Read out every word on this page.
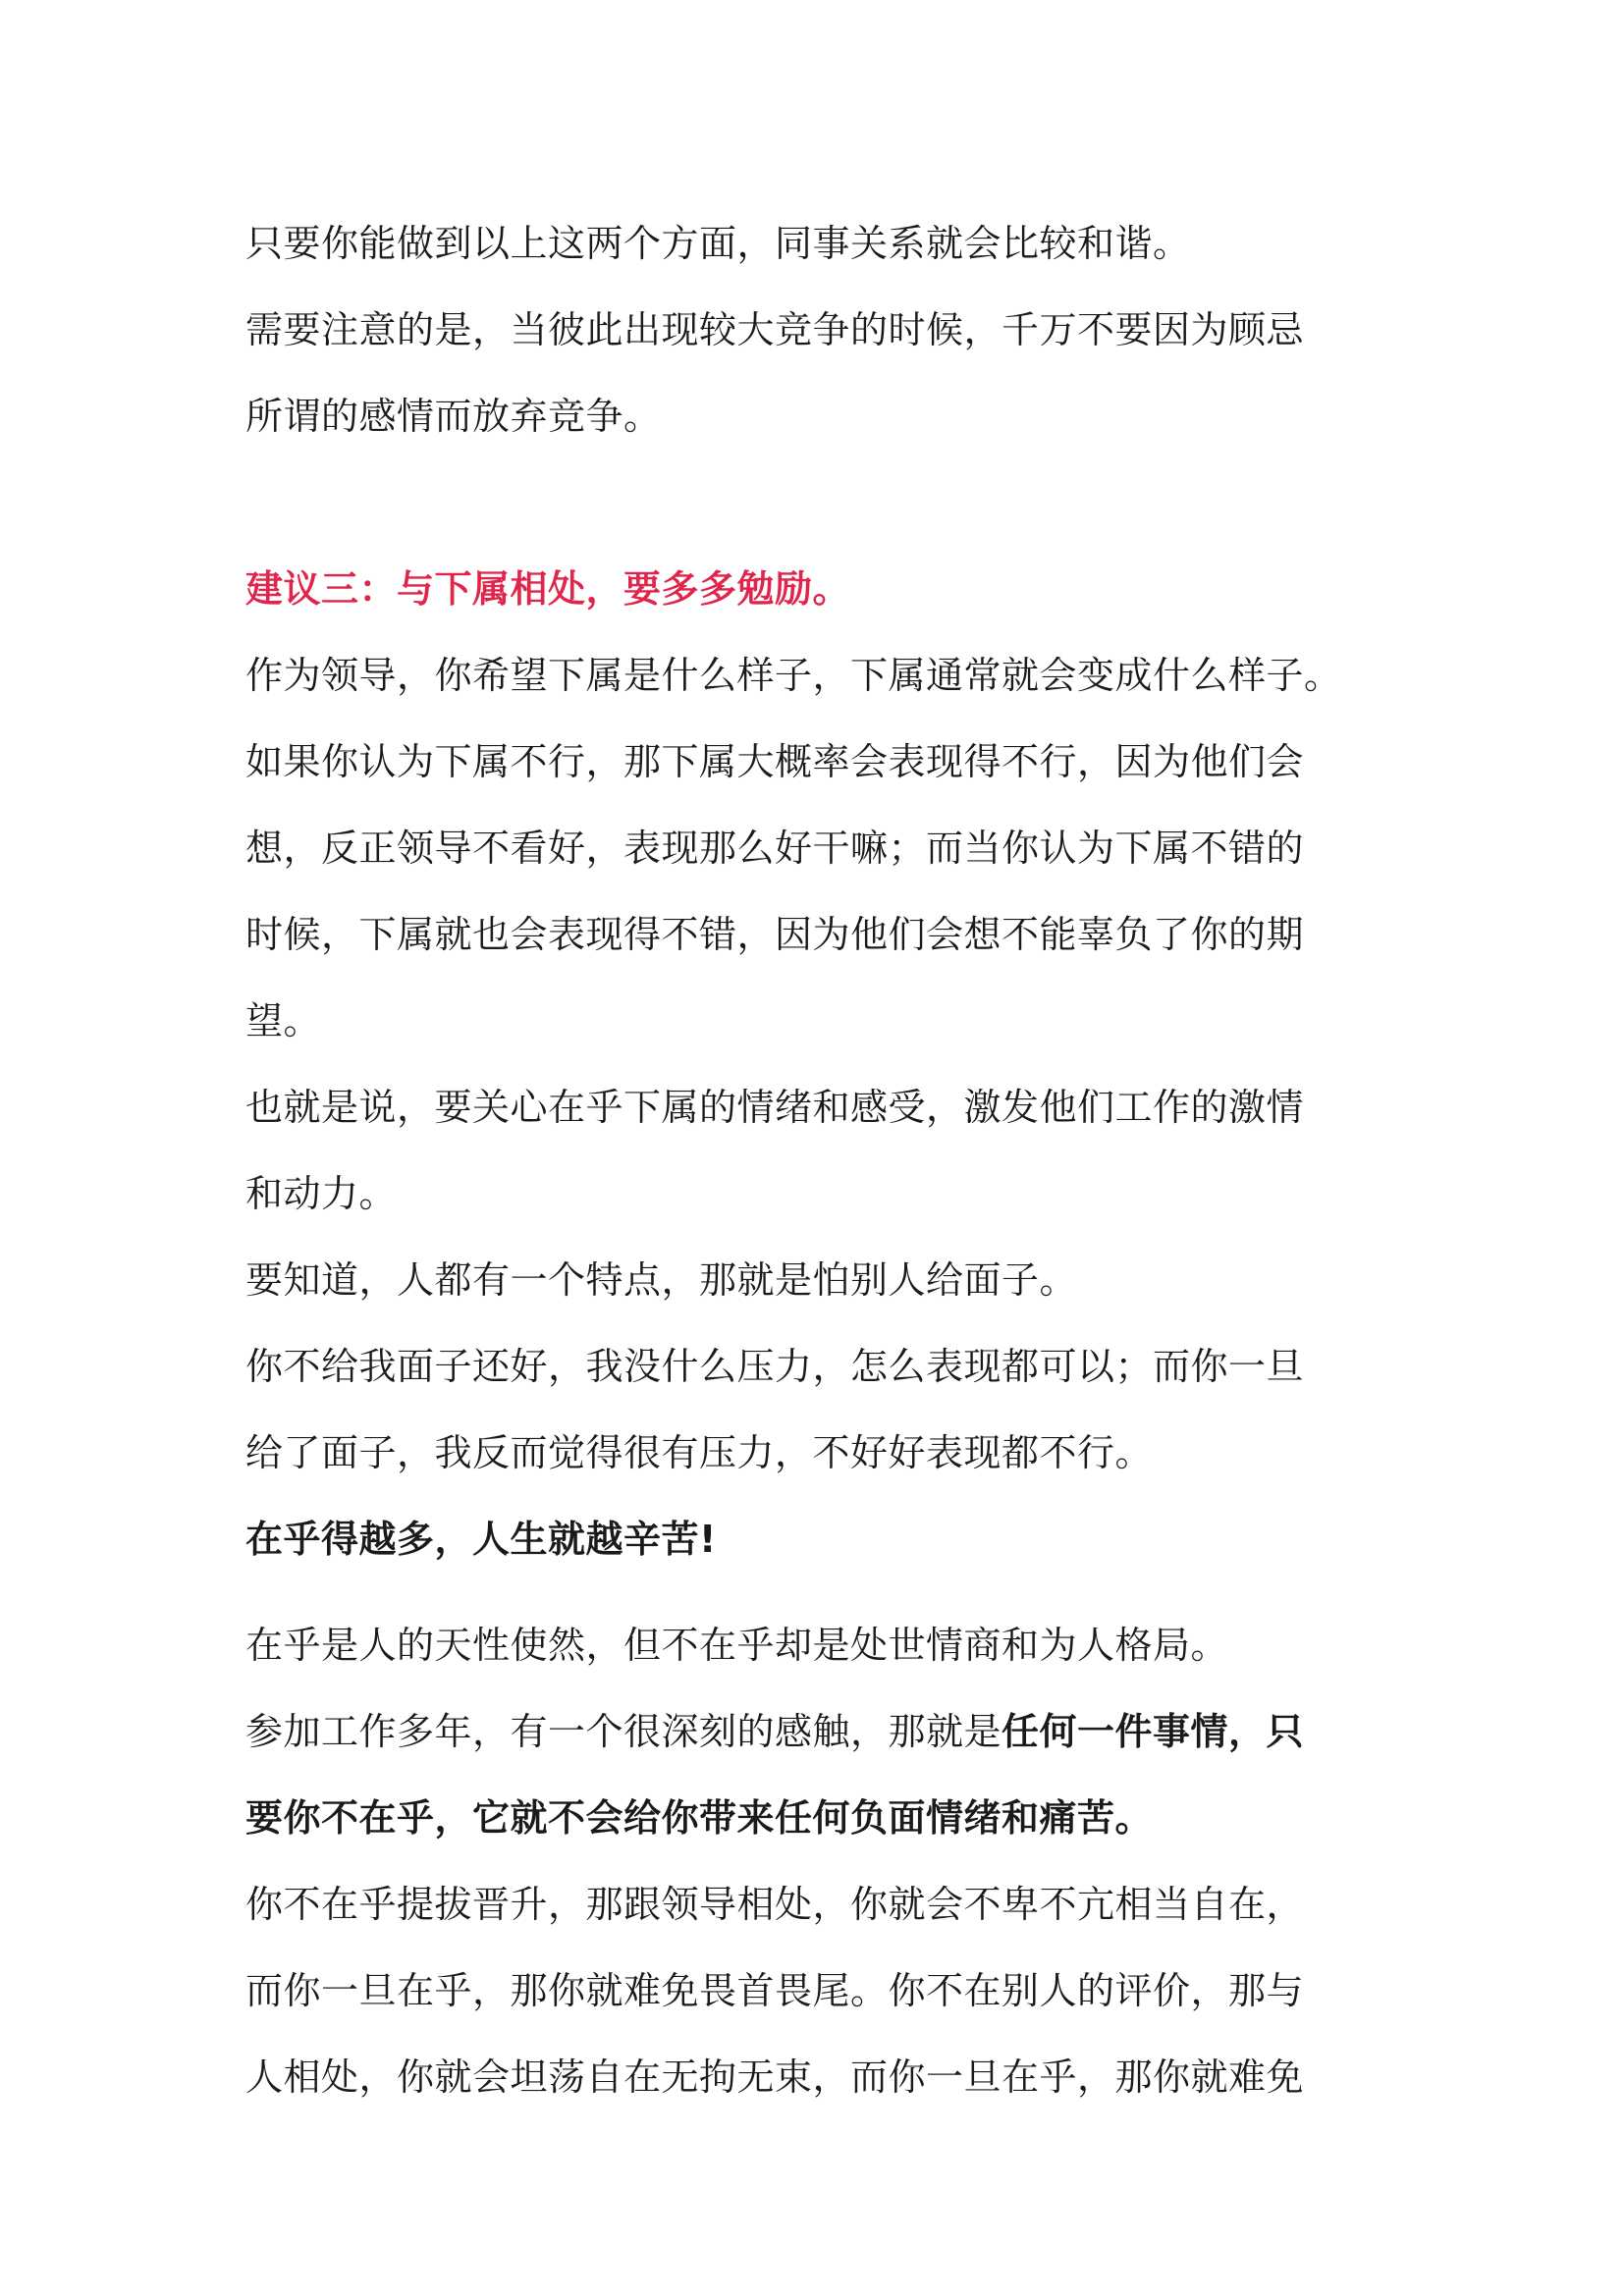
只要你能做到以上这两个方面，同事关系就会比较和谐。
需要注意的是，当彼此出现较大竞争的时候，千万不要因为顾忌
所谓的感情而放弃竞争。
建议三：与下属相处，要多多勉励。
作为领导，你希望下属是什么样子，下属通常就会变成什么样子。
如果你认为下属不行，那下属大概率会表现得不行，因为他们会
想，反正领导不看好，表现那么好干嘛；而当你认为下属不错的
时候，下属就也会表现得不错，因为他们会想不能辜负了你的期
望。
也就是说，要关心在乎下属的情绪和感受，激发他们工作的激情
和动力。
要知道，人都有一个特点，那就是怕别人给面子。
你不给我面子还好，我没什么压力，怎么表现都可以；而你一旦
给了面子，我反而觉得很有压力，不好好表现都不行。
在乎得越多，人生就越辛苦!
在乎是人的天性使然，但不在乎却是处世情商和为人格局。
参加工作多年，有一个很深刻的感触，那就是任何一件事情，只
要你不在乎，它就不会给你带来任何负面情绪和痛苦。
你不在乎提拔晋升，那跟领导相处，你就会不卑不亢相当自在，
而你一旦在乎，那你就难免畏首畏尾。你不在别人的评价，那与
人相处，你就会坦荡自在无拘无束，而你一旦在乎，那你就难免
